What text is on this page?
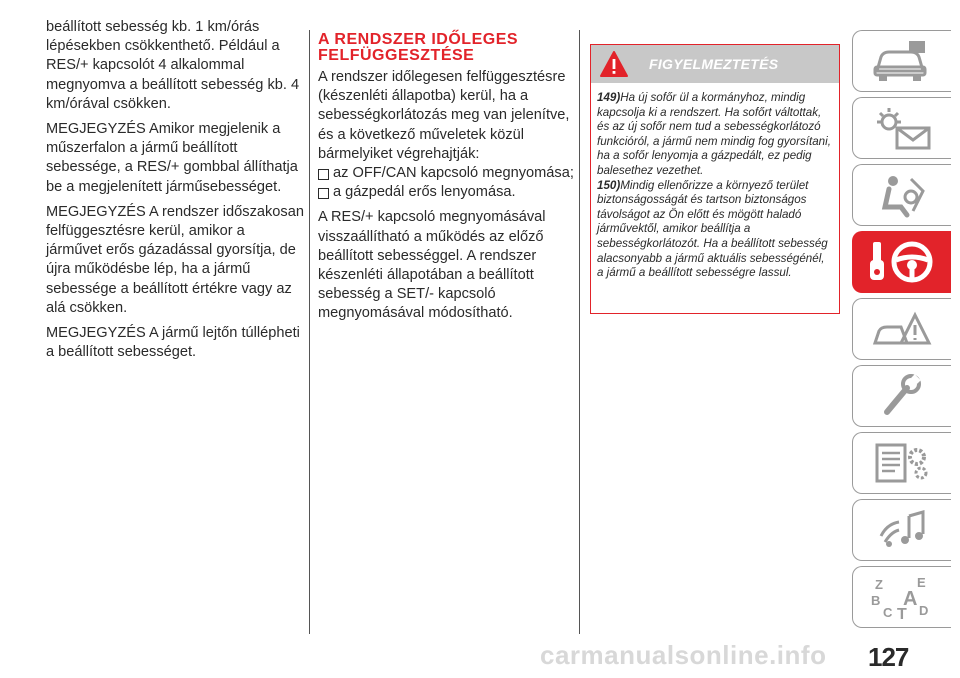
beállított sebesség kb. 1 km/órás lépésekben csökkenthető. Például a RES/+ kapcsolót 4 alkalommal megnyomva a beállított sebesség kb. 4 km/órával csökken.

MEGJEGYZÉS Amikor megjelenik a műszerfalon a jármű beállított sebessége, a RES/+ gombbal állíthatja be a megjelenített járműsebességet.

MEGJEGYZÉS A rendszer időszakosan felfüggesztésre kerül, amikor a járművet erős gázadással gyorsítja, de újra működésbe lép, ha a jármű sebessége a beállított értékre vagy az alá csökken.

MEGJEGYZÉS A jármű lejtőn túllépheti a beállított sebességet.

A RENDSZER IDŐLEGES FELFÜGGESZTÉSE

A rendszer időlegesen felfüggesztésre (készenléti állapotba) kerül, ha a sebességkorlátozás meg van jelenítve, és a következő műveletek közül bármelyiket végrehajtják:

az OFF/CAN kapcsoló megnyomása;
a gázpedál erős lenyomása.

A RES/+ kapcsoló megnyomásával visszaállítható a működés az előző beállított sebességgel. A rendszer készenléti állapotában a beállított sebesség a SET/- kapcsoló megnyomásával módosítható.

FIGYELMEZTETÉS

149)Ha új sofőr ül a kormányhoz, mindig kapcsolja ki a rendszert. Ha sofőrt váltottak, és az új sofőr nem tud a sebességkorlátozó funkcióról, a jármű nem mindig fog gyorsítani, ha a sofőr lenyomja a gázpedált, ez pedig balesethez vezethet.

150)Mindig ellenőrizze a környező terület biztonságosságát és tartson biztonságos távolságot az Ön előtt és mögött haladó járművektől, amikor beállítja a sebességkorlátozót. Ha a beállított sebesség alacsonyabb a jármű aktuális sebességénél, a jármű a beállított sebességre lassul.

Z	E
B A
C T D
carmanualsonline.info 127
